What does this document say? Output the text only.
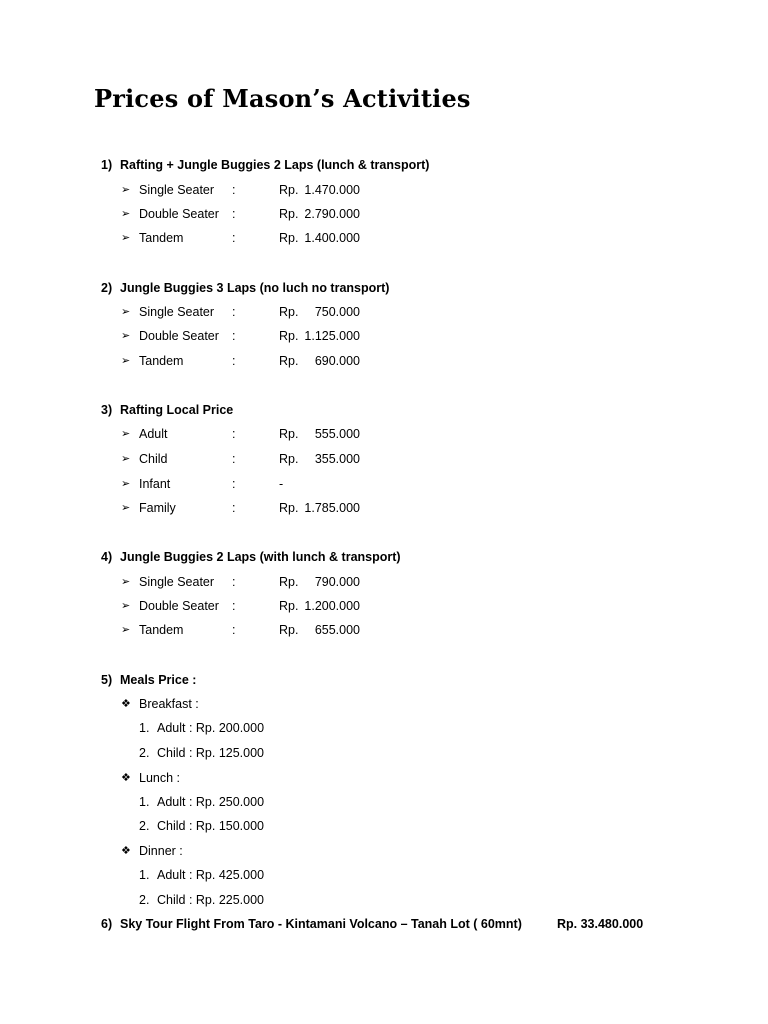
Prices of Mason’s Activities
1) Rafting + Jungle Buggies 2 Laps (lunch & transport)
➢ Single Seater :	Rp. 1.470.000
➢ Double Seater :	Rp. 2.790.000
➢ Tandem	:	Rp. 1.400.000
2) Jungle Buggies 3 Laps (no luch no transport)
➢ Single Seater :	Rp.	750.000
➢ Double Seater :	Rp. 1.125.000
➢ Tandem	:	Rp.	690.000
3) Rafting Local Price
➢ Adult	:	Rp.	555.000
➢ Child	:	Rp.	355.000
➢ Infant	:	-
➢ Family	:	Rp. 1.785.000
4) Jungle Buggies 2 Laps (with lunch & transport)
➢ Single Seater :	Rp.	790.000
➢ Double Seater :	Rp. 1.200.000
➢ Tandem	:	Rp.	655.000
5) Meals Price :
❖ Breakfast :
1. Adult : Rp. 200.000
2. Child : Rp. 125.000
❖ Lunch :
1. Adult : Rp. 250.000
2. Child : Rp. 150.000
❖ Dinner :
1. Adult : Rp. 425.000
2. Child : Rp. 225.000
6) Sky Tour Flight From Taro - Kintamani Volcano – Tanah Lot ( 60mnt)	Rp. 33.480.000
